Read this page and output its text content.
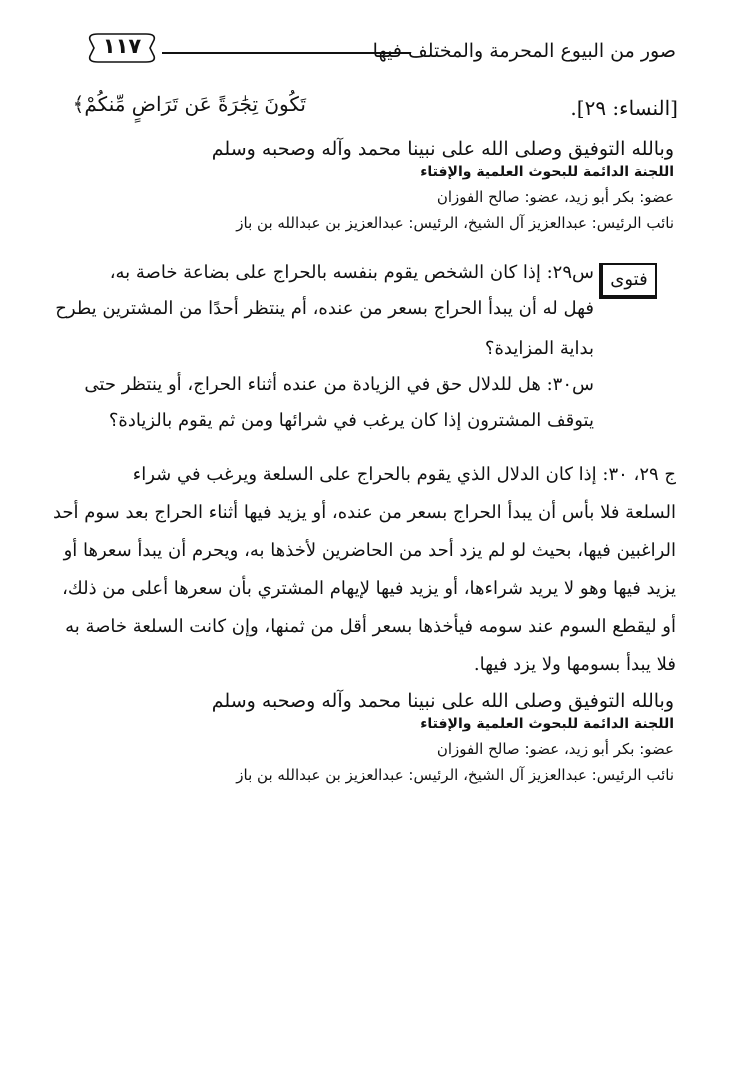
١١٧	صور من البيوع المحرمة والمختلف فيها
تَكُونَ تِجَٰرَةً عَن تَرَاضٍ مِّنكُمْ﴾	[النساء: ٢٩].
وبالله التوفيق وصلى الله على نبينا محمد وآله وصحبه وسلم
اللجنة الدائمة للبحوث العلمية والإفتاء
عضو: بكر أبو زيد، عضو: صالح الفوزان
نائب الرئيس: عبدالعزيز آل الشيخ، الرئيس: عبدالعزيز بن عبدالله بن باز
فتوى
س٢٩: إذا كان الشخص يقوم بنفسه بالحراج على بضاعة خاصة به،
فهل له أن يبدأ الحراج بسعر من عنده، أم ينتظر أحدًا من المشترين يطرح
بداية المزايدة؟
س٣٠: هل للدلال حق في الزيادة من عنده أثناء الحراج، أو ينتظر حتى
يتوقف المشترون إذا كان يرغب في شرائها ومن ثم يقوم بالزيادة؟
ج ٢٩، ٣٠: إذا كان الدلال الذي يقوم بالحراج على السلعة ويرغب في شراء
السلعة فلا بأس أن يبدأ الحراج بسعر من عنده، أو يزيد فيها أثناء الحراج بعد سوم أحد
الراغبين فيها، بحيث لو لم يزد أحد من الحاضرين لأخذها به، ويحرم أن يبدأ سعرها أو
يزيد فيها وهو لا يريد شراءها، أو يزيد فيها لإيهام المشتري بأن سعرها أعلى من ذلك،
أو ليقطع السوم عند سومه فيأخذها بسعر أقل من ثمنها، وإن كانت السلعة خاصة به
فلا يبدأ بسومها ولا يزد فيها.
وبالله التوفيق وصلى الله على نبينا محمد وآله وصحبه وسلم
اللجنة الدائمة للبحوث العلمية والإفتاء
عضو: بكر أبو زيد، عضو: صالح الفوزان
نائب الرئيس: عبدالعزيز آل الشيخ، الرئيس: عبدالعزيز بن عبدالله بن باز
